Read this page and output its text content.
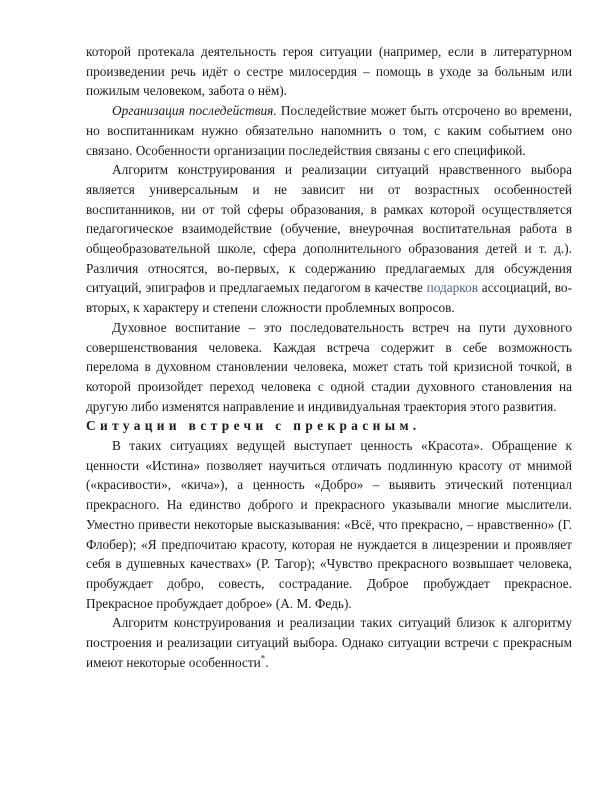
которой протекала деятельность героя ситуации (например, если в литературном произведении речь идёт о сестре милосердия – помощь в уходе за больным или пожилым человеком, забота о нём).

Организация последействия. Последействие может быть отсрочено во времени, но воспитанникам нужно обязательно напомнить о том, с каким событием оно связано. Особенности организации последействия связаны с его спецификой.

Алгоритм конструирования и реализации ситуаций нравственного выбора является универсальным и не зависит ни от возрастных особенностей воспитанников, ни от той сферы образования, в рамках которой осуществляется педагогическое взаимодействие (обучение, внеурочная воспитательная работа в общеобразовательной школе, сфера дополнительного образования детей и т. д.). Различия относятся, во-первых, к содержанию предлагаемых для обсуждения ситуаций, эпиграфов и предлагаемых педагогом в качестве подарков ассоциаций, во-вторых, к характеру и степени сложности проблемных вопросов.

Духовное воспитание – это последовательность встреч на пути духовного совершенствования человека. Каждая встреча содержит в себе возможность перелома в духовном становлении человека, может стать той кризисной точкой, в которой произойдет переход человека с одной стадии духовного становления на другую либо изменятся направление и индивидуальная траектория этого развития.

Ситуации встречи с прекрасным.

В таких ситуациях ведущей выступает ценность «Красота». Обращение к ценности «Истина» позволяет научиться отличать подлинную красоту от мнимой («красивости», «кича»), а ценность «Добро» – выявить этический потенциал прекрасного. На единство доброго и прекрасного указывали многие мыслители. Уместно привести некоторые высказывания: «Всё, что прекрасно, – нравственно» (Г. Флобер); «Я предпочитаю красоту, которая не нуждается в лицезрении и проявляет себя в душевных качествах» (Р. Тагор); «Чувство прекрасного возвышает человека, пробуждает добро, совесть, сострадание. Доброе пробуждает прекрасное. Прекрасное пробуждает доброе» (А. М. Федь).

Алгоритм конструирования и реализации таких ситуаций близок к алгоритму построения и реализации ситуаций выбора. Однако ситуации встречи с прекрасным имеют некоторые особенности*.
